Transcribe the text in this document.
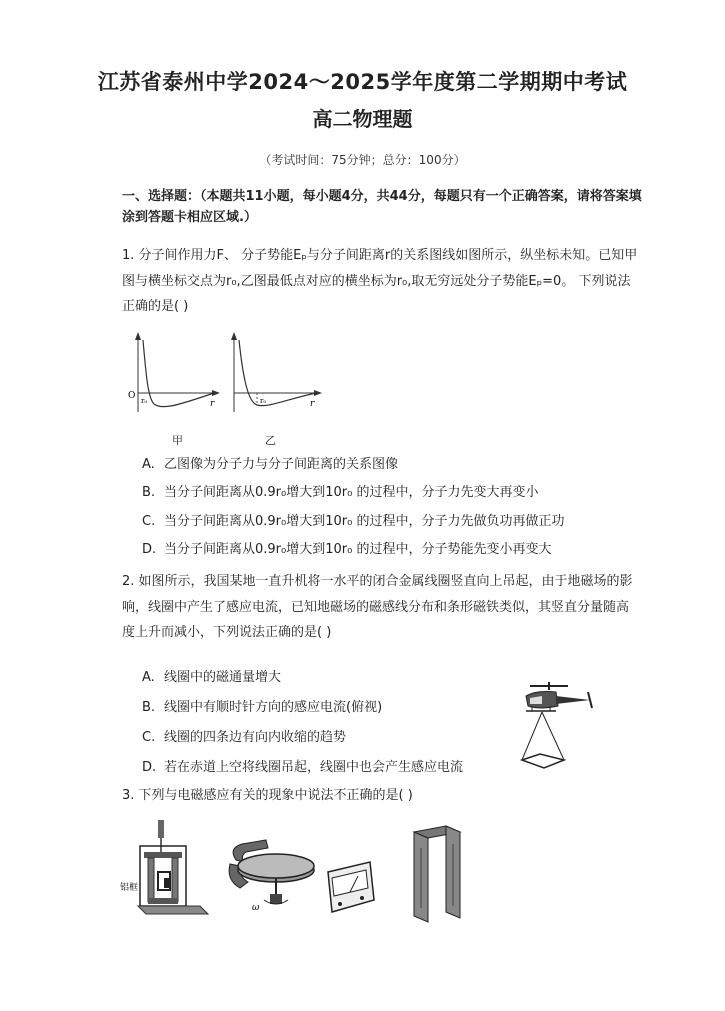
江苏省泰州中学2024～2025学年度第二学期期中考试
高二物理题
（考试时间：75分钟；总分：100分）
一、选择题：（本题共11小题，每小题4分，共44分，每题只有一个正确答案，请将答案填涂到答题卡相应区域.）
1. 分子间作用力F、 分子势能Eₚ与分子间距离r的关系图线如图所示，纵坐标未知。已知甲图与横坐标交点为r₀,乙图最低点对应的横坐标为r₀,取无穷远处分子势能Eₚ=0。 下列说法正确的是( )
O
r
r₀	r
r₀
甲	乙
A. 乙图像为分子力与分子间距离的关系图像
B. 当分子间距离从0.9r₀增大到10r₀ 的过程中，分子力先变大再变小
C. 当分子间距离从0.9r₀增大到10r₀ 的过程中，分子力先做负功再做正功
D. 当分子间距离从0.9r₀增大到10r₀ 的过程中，分子势能先变小再变大
2. 如图所示，我国某地一直升机将一水平的闭合金属线圈竖直向上吊起，由于地磁场的影响，线圈中产生了感应电流，已知地磁场的磁感线分布和条形磁铁类似，其竖直分量随高度上升而减小，下列说法正确的是( )
A. 线圈中的磁通量增大
B. 线圈中有顺时针方向的感应电流(俯视)
C. 线圈的四条边有向内收缩的趋势
D. 若在赤道上空将线圈吊起，线圈中也会产生感应电流
3. 下列与电磁感应有关的现象中说法不正确的是( )
铝框
ω
